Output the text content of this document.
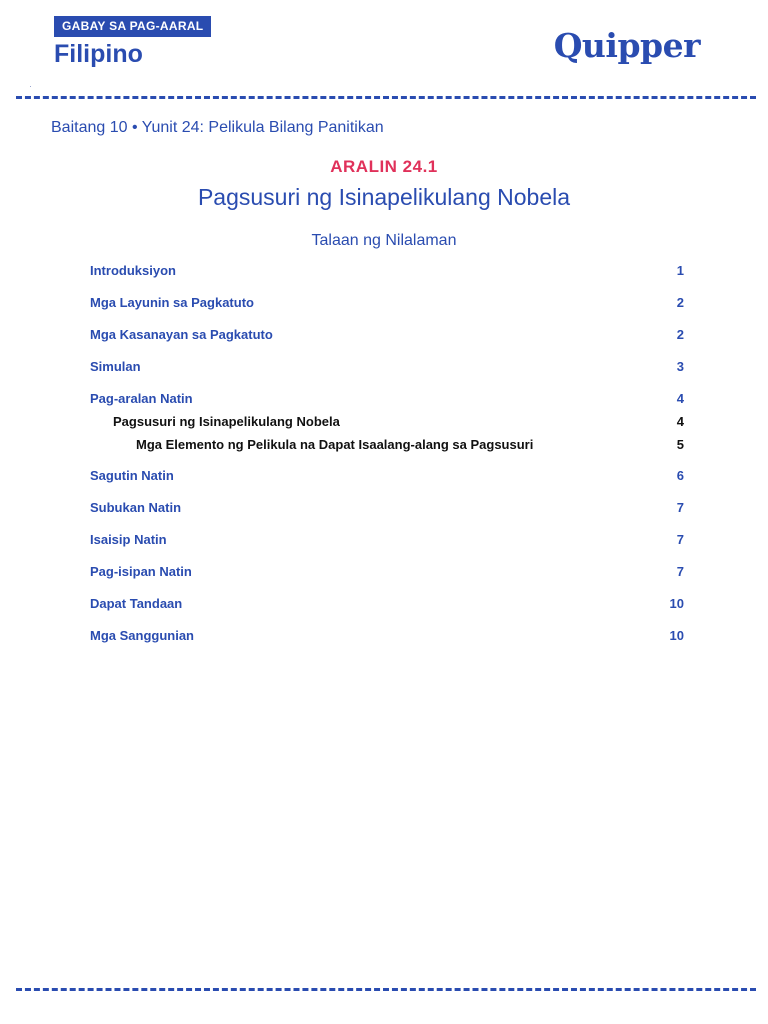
GABAY SA PAG-AARAL
Filipino	Quipper
Baitang 10 • Yunit 24: Pelikula Bilang Panitikan
ARALIN 24.1
Pagsusuri ng Isinapelikulang Nobela
Talaan ng Nilalaman
Introduksiyon	1
Mga Layunin sa Pagkatuto	2
Mga Kasanayan sa Pagkatuto	2
Simulan	3
Pag-aralan Natin	4
Pagsusuri ng Isinapelikulang Nobela	4
Mga Elemento ng Pelikula na Dapat Isaalang-alang sa Pagsusuri	5
Sagutin Natin	6
Subukan Natin	7
Isaisip Natin	7
Pag-isipan Natin	7
Dapat Tandaan	10
Mga Sanggunian	10
